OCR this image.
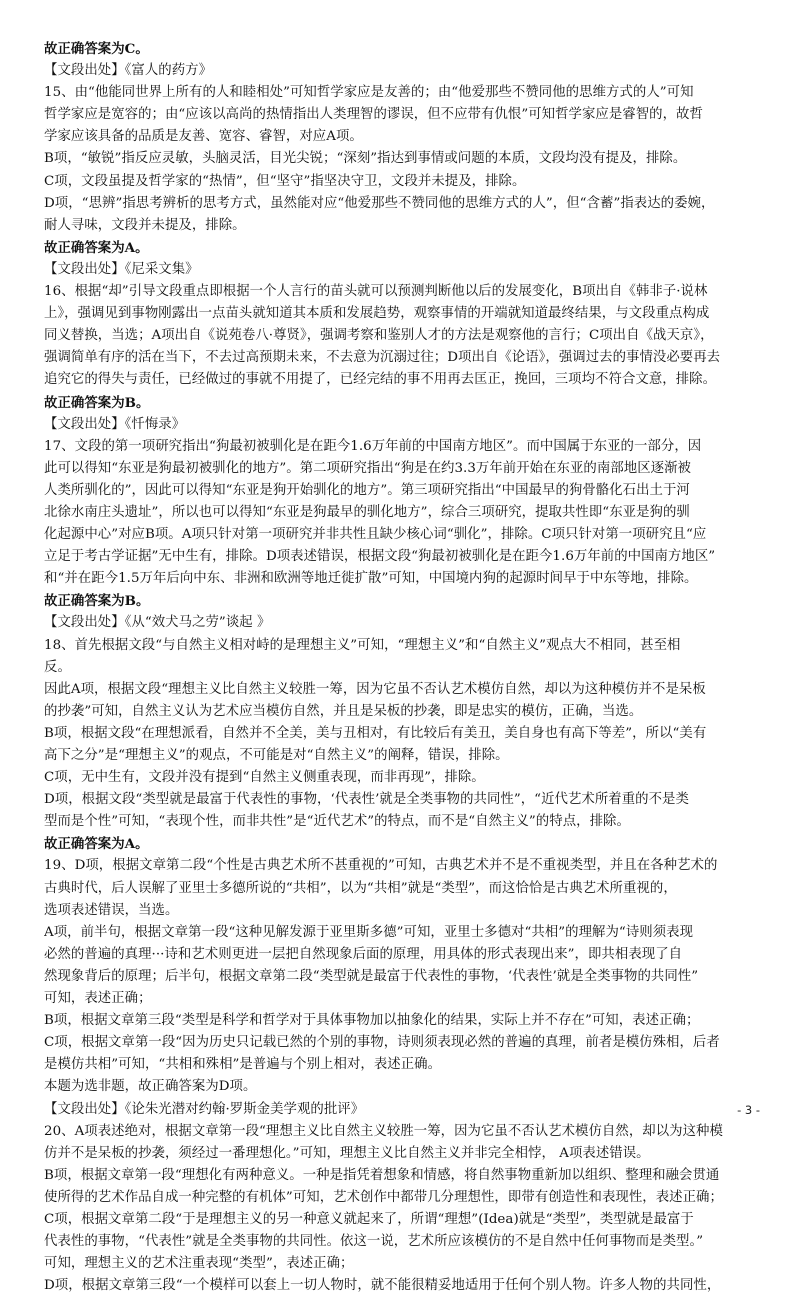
故正确答案为C。

【文段出处】《富人的药方》

15、由“他能同世界上所有的人和睦相处”可知哲学家应是友善的；由“他爱那些不赞同他的思维方式的人”可知

哲学家应是宽容的；由“应该以高尚的热情指出人类理智的谬误，但不应带有仇恨”可知哲学家应是睿智的，故哲

学家应该具备的品质是友善、宽容、睿智，对应A项。

B项，“敏锐”指反应灵敏，头脑灵活，目光尖锐；“深刻”指达到事情或问题的本质，文段均没有提及，排除。

C项，文段虽提及哲学家的“热情”，但“坚守”指坚决守卫，文段并未提及，排除。

D项，“思辨”指思考辨析的思考方式，虽然能对应“他爱那些不赞同他的思维方式的人”，但“含蓄”指表达的委婉，

耐人寻味，文段并未提及，排除。

故正确答案为A。

【文段出处】《尼采文集》

16、根据“却”引导文段重点即根据一个人言行的苗头就可以预测判断他以后的发展变化，B项出自《韩非子·说林

上》，强调见到事物刚露出一点苗头就知道其本质和发展趋势，观察事情的开端就知道最终结果，与文段重点构成

同义替换，当选；A项出自《说苑卷八·尊贤》，强调考察和鉴别人才的方法是观察他的言行；C项出自《战天京》，

强调简单有序的活在当下，不去过高预期未来，不去意为沉溺过往；D项出自《论语》，强调过去的事情没必要再去

追究它的得失与责任，已经做过的事就不用提了，已经完结的事不用再去匡正，挽回，三项均不符合文意，排除。

故正确答案为B。

【文段出处】《忏悔录》

17、文段的第一项研究指出“狗最初被驯化是在距今1.6万年前的中国南方地区”。而中国属于东亚的一部分，因

此可以得知“东亚是狗最初被驯化的地方”。第二项研究指出“狗是在约3.3万年前开始在东亚的南部地区逐渐被

人类所驯化的”，因此可以得知“东亚是狗开始驯化的地方”。第三项研究指出“中国最早的狗骨骼化石出土于河

北徐水南庄头遗址”，所以也可以得知“东亚是狗最早的驯化地方”，综合三项研究，提取共性即“东亚是狗的驯

化起源中心”对应B项。A项只针对第一项研究并非共性且缺少核心词“驯化”，排除。C项只针对第一项研究且“应

立足于考古学证据”无中生有，排除。D项表述错误，根据文段“狗最初被驯化是在距今1.6万年前的中国南方地区”

和“并在距今1.5万年后向中东、非洲和欧洲等地迁徙扩散”可知，中国境内狗的起源时间早于中东等地，排除。

故正确答案为B。

【文段出处】《从“效犬马之劳”谈起 》

18、首先根据文段“与自然主义相对峙的是理想主义”可知，“理想主义”和“自然主义”观点大不相同，甚至相

反。

因此A项，根据文段“理想主义比自然主义较胜一筹，因为它虽不否认艺术模仿自然，却以为这种模仿并不是呆板

的抄袭”可知，自然主义认为艺术应当模仿自然，并且是呆板的抄袭，即是忠实的模仿，正确，当选。

B项，根据文段“在理想派看，自然并不全美，美与丑相对，有比较后有美丑，美自身也有高下等差”，所以“美有

高下之分”是“理想主义”的观点，不可能是对“自然主义”的阐释，错误，排除。

C项，无中生有，文段并没有提到“自然主义侧重表现，而非再现”，排除。

D项，根据文段“类型就是最富于代表性的事物，‘代表性’就是全类事物的共同性”，“近代艺术所着重的不是类

型而是个性”可知，“表现个性，而非共性”是“近代艺术”的特点，而不是“自然主义”的特点，排除。

故正确答案为A。

19、D项，根据文章第二段“个性是古典艺术所不甚重视的”可知，古典艺术并不是不重视类型，并且在各种艺术的

古典时代，后人误解了亚里士多德所说的“共相”，以为“共相”就是“类型”，而这恰恰是古典艺术所重视的，

选项表述错误，当选。

A项，前半句，根据文章第一段“这种见解发源于亚里斯多德”可知，亚里士多德对“共相”的理解为“诗则须表现

必然的普遍的真理···诗和艺术则更进一层把自然现象后面的原理，用具体的形式表现出来”，即共相表现了自

然现象背后的原理；后半句，根据文章第二段“类型就是最富于代表性的事物，‘代表性’就是全类事物的共同性”

可知，表述正确；

B项，根据文章第三段“类型是科学和哲学对于具体事物加以抽象化的结果，实际上并不存在”可知，表述正确；

C项，根据文章第一段“因为历史只记载已然的个别的事物，诗则须表现必然的普遍的真理，前者是模仿殊相，后者

是模仿共相”可知，“共相和殊相”是普遍与个别上相对，表述正确。

本题为选非题，故正确答案为D项。

【文段出处】《论朱光潜对约翰·罗斯金美学观的批评》

20、A项表述绝对，根据文章第一段“理想主义比自然主义较胜一筹，因为它虽不否认艺术模仿自然，却以为这种模

仿并不是呆板的抄袭，须经过一番理想化。”可知，理想主义比自然主义并非完全相悖， A项表述错误。

B项，根据文章第一段“理想化有两种意义。一种是指凭着想象和情感，将自然事物重新加以组织、整理和融会贯通

使所得的艺术作品自成一种完整的有机体”可知，艺术创作中都带几分理想性，即带有创造性和表现性，表述正确；

C项，根据文章第二段“于是理想主义的另一种意义就起来了，所谓“理想”(Idea)就是“类型”，类型就是最富于

代表性的事物，“代表性”就是全类事物的共同性。依这一说，艺术所应该模仿的不是自然中任何事物而是类型。”

可知，理想主义的艺术注重表现“类型”，表述正确；

D项，根据文章第三段“一个模样可以套上一切人物时，就不能很精妥地适用于任何个别人物。许多人物的共同性，

- 3 -
